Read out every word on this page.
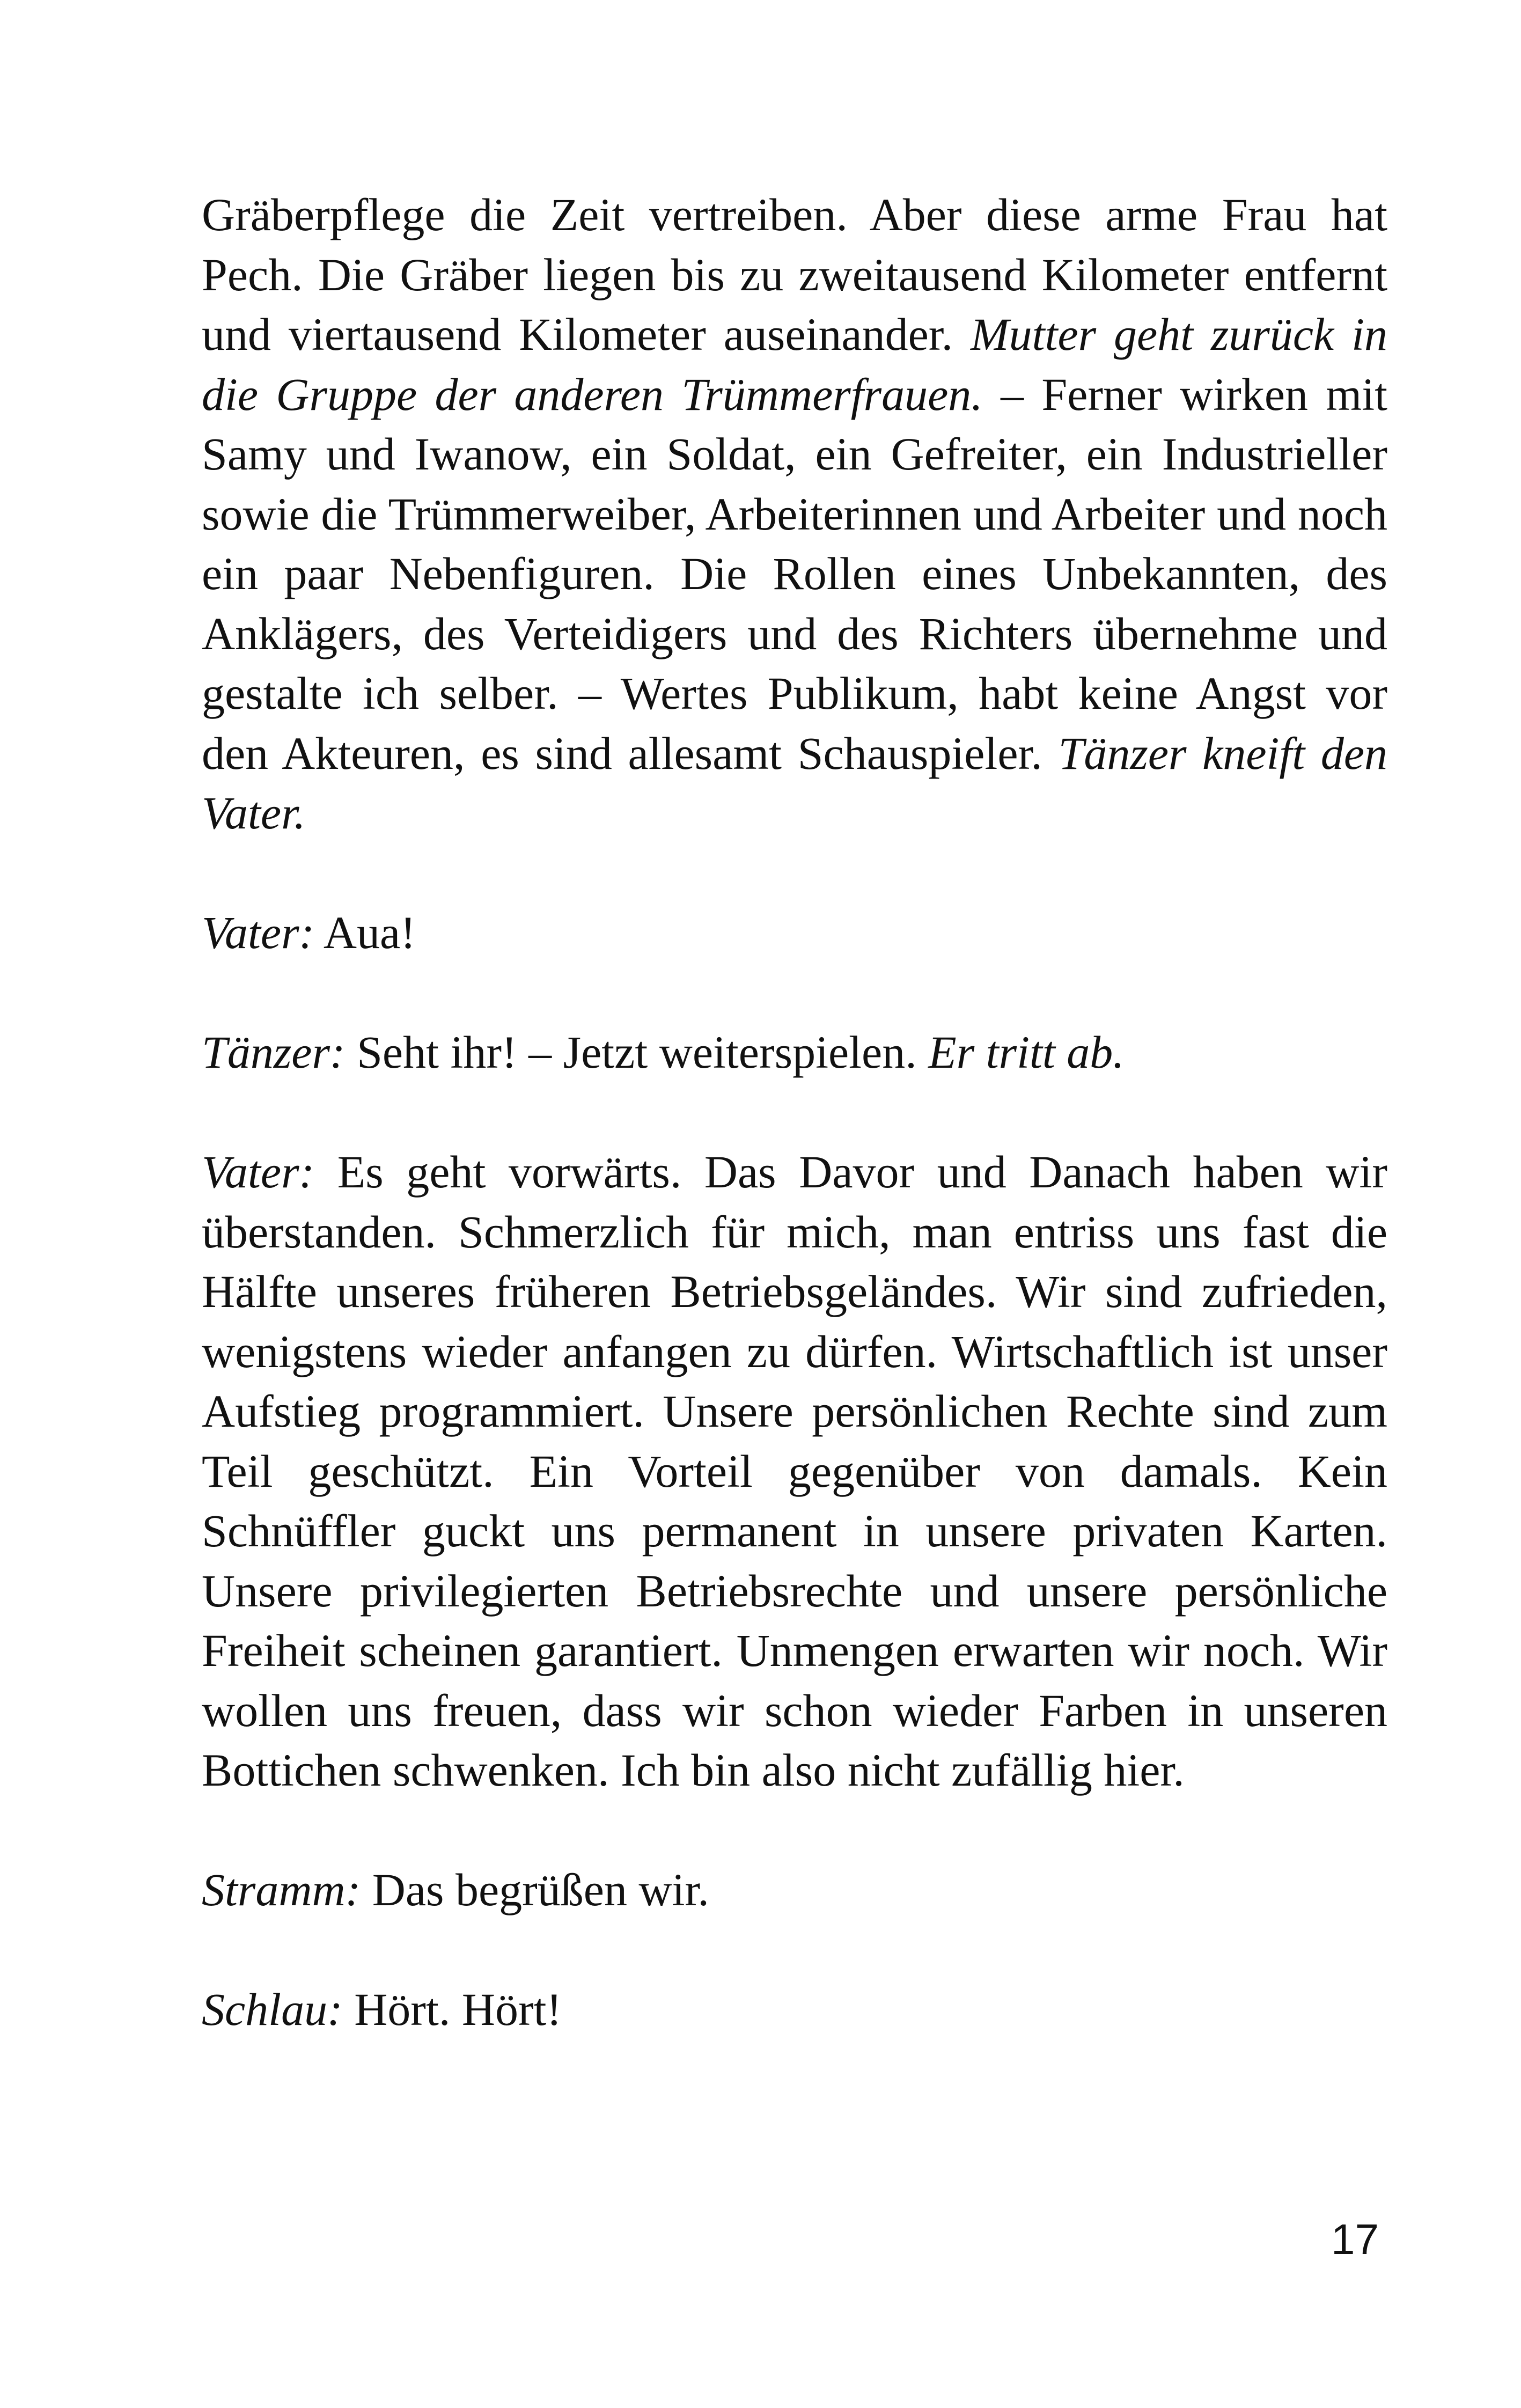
Gräberpflege die Zeit vertreiben. Aber diese arme Frau hat Pech. Die Gräber liegen bis zu zweitausend Kilometer entfernt und viertausend Kilometer auseinander. Mutter geht zurück in die Gruppe der anderen Trümmerfrauen. – Ferner wirken mit Samy und Iwanow, ein Soldat, ein Gefreiter, ein Industrieller sowie die Trümmerweiber, Arbeiterinnen und Arbeiter und noch ein paar Nebenfiguren. Die Rollen eines Unbekannten, des Anklägers, des Verteidigers und des Richters übernehme und gestalte ich selber. – Wertes Publikum, habt keine Angst vor den Akteuren, es sind allesamt Schauspieler. Tänzer kneift den Vater.

Vater: Aua!

Tänzer: Seht ihr! – Jetzt weiterspielen. Er tritt ab.

Vater: Es geht vorwärts. Das Davor und Danach haben wir überstanden. Schmerzlich für mich, man entriss uns fast die Hälfte unseres früheren Betriebsgeländes. Wir sind zufrieden, wenigstens wieder anfangen zu dürfen. Wirtschaftlich ist unser Aufstieg programmiert. Unsere persönlichen Rechte sind zum Teil geschützt. Ein Vorteil gegenüber von damals. Kein Schnüffler guckt uns permanent in unsere privaten Karten. Unsere privilegierten Betriebsrechte und unsere persönliche Freiheit scheinen garantiert. Unmengen erwarten wir noch. Wir wollen uns freuen, dass wir schon wieder Farben in unseren Bottichen schwenken. Ich bin also nicht zufällig hier.

Stramm: Das begrüßen wir.

Schlau: Hört. Hört!

17
